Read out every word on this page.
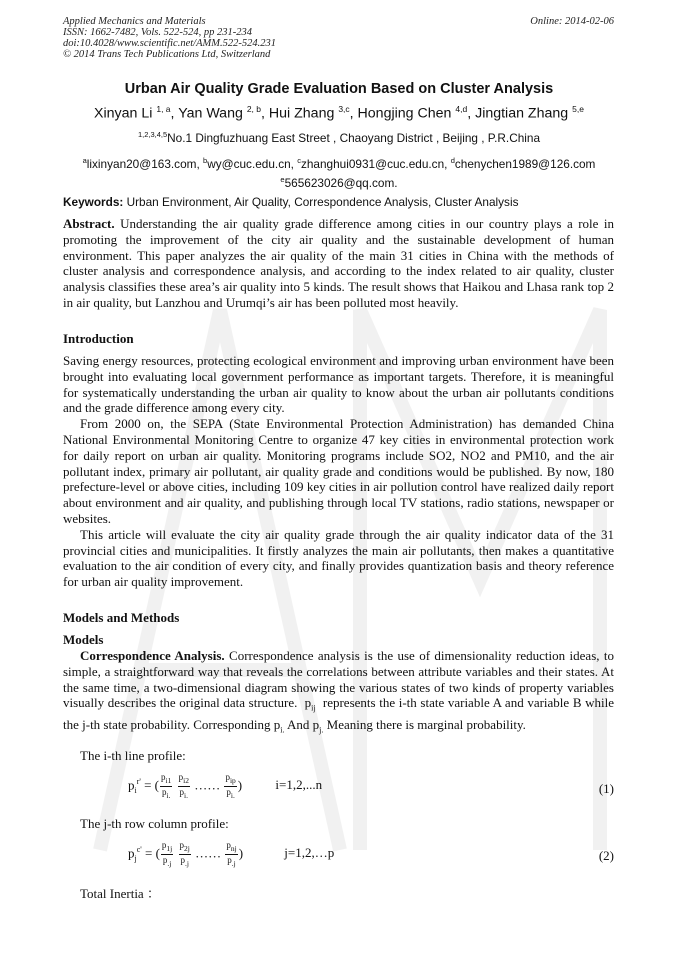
Applied Mechanics and Materials
ISSN: 1662-7482, Vols. 522-524, pp 231-234
doi:10.4028/www.scientific.net/AMM.522-524.231
© 2014 Trans Tech Publications Ltd, Switzerland
Online: 2014-02-06
Urban Air Quality Grade Evaluation Based on Cluster Analysis
Xinyan Li $^{1, a}$, Yan Wang $^{2, b}$, Hui Zhang $^{3,c}$, Hongjing Chen $^{4,d}$, Jingtian Zhang $^{5,e}$
$^{1,2,3,4,5}$No.1 Dingfuzhuang East Street , Chaoyang District , Beijing , P.R.China
$^a$lixinyan20@163.com, $^b$wy@cuc.edu.cn, $^c$zhanghui0931@cuc.edu.cn, $^d$chenychen1989@126.com
$^e$565623026@qq.com.
Keywords: Urban Environment, Air Quality, Correspondence Analysis, Cluster Analysis
Abstract. Understanding the air quality grade difference among cities in our country plays a role in promoting the improvement of the city air quality and the sustainable development of human environment. This paper analyzes the air quality of the main 31 cities in China with the methods of cluster analysis and correspondence analysis, and according to the index related to air quality, cluster analysis classifies these area’s air quality into 5 kinds. The result shows that Haikou and Lhasa rank top 2 in air quality, but Lanzhou and Urumqi’s air has been polluted most heavily.
Introduction
Saving energy resources, protecting ecological environment and improving urban environment have been brought into evaluating local government performance as important targets. Therefore, it is meaningful for systematically understanding the urban air quality to know about the urban air pollutants conditions and the grade difference among every city.
From 2000 on, the SEPA (State Environmental Protection Administration) has demanded China National Environmental Monitoring Centre to organize 47 key cities in environmental protection work for daily report on urban air quality. Monitoring programs include SO2, NO2 and PM10, and the air pollutant index, primary air pollutant, air quality grade and conditions would be published. By now, 180 prefecture-level or above cities, including 109 key cities in air pollution control have realized daily report about environment and air quality, and publishing through local TV stations, radio stations, newspaper or websites.
This article will evaluate the city air quality grade through the air quality indicator data of the 31 provincial cities and municipalities. It firstly analyzes the main air pollutants, then makes a quantitative evaluation to the air condition of every city, and finally provides quantization basis and theory reference for urban air quality improvement.
Models and Methods
Models
Correspondence Analysis. Correspondence analysis is the use of dimensionality reduction ideas, to simple, a straightforward way that reveals the correlations between attribute variables and their states. At the same time, a two-dimensional diagram showing the various states of two kinds of property variables visually describes the original data structure.  $p_{ij}$ represents the i-th state variable A and variable B while the j-th state probability. Corresponding $p_{i.}$ And $p_{j.}$ Meaning there is marginal probability.
The i-th line profile:
$p_i^{r'}$ = ( $\frac{p_{i1}}{p_{i.}}$
$\frac{p_{i2}}{p_{i.}}$ …… $\frac{p_{ip}}{p_{i.}}$ ) i=1,2,...n	(1)
The j-th row column profile:
$p_j^{c'}$ = ( $\frac{p_{1j}}{p_{.j}}$
$\frac{p_{2j}}{p_{.j}}$ …… $\frac{p_{nj}}{p_{.j}}$ )	j=1,2,…p	(2)
Total Inertia ：
